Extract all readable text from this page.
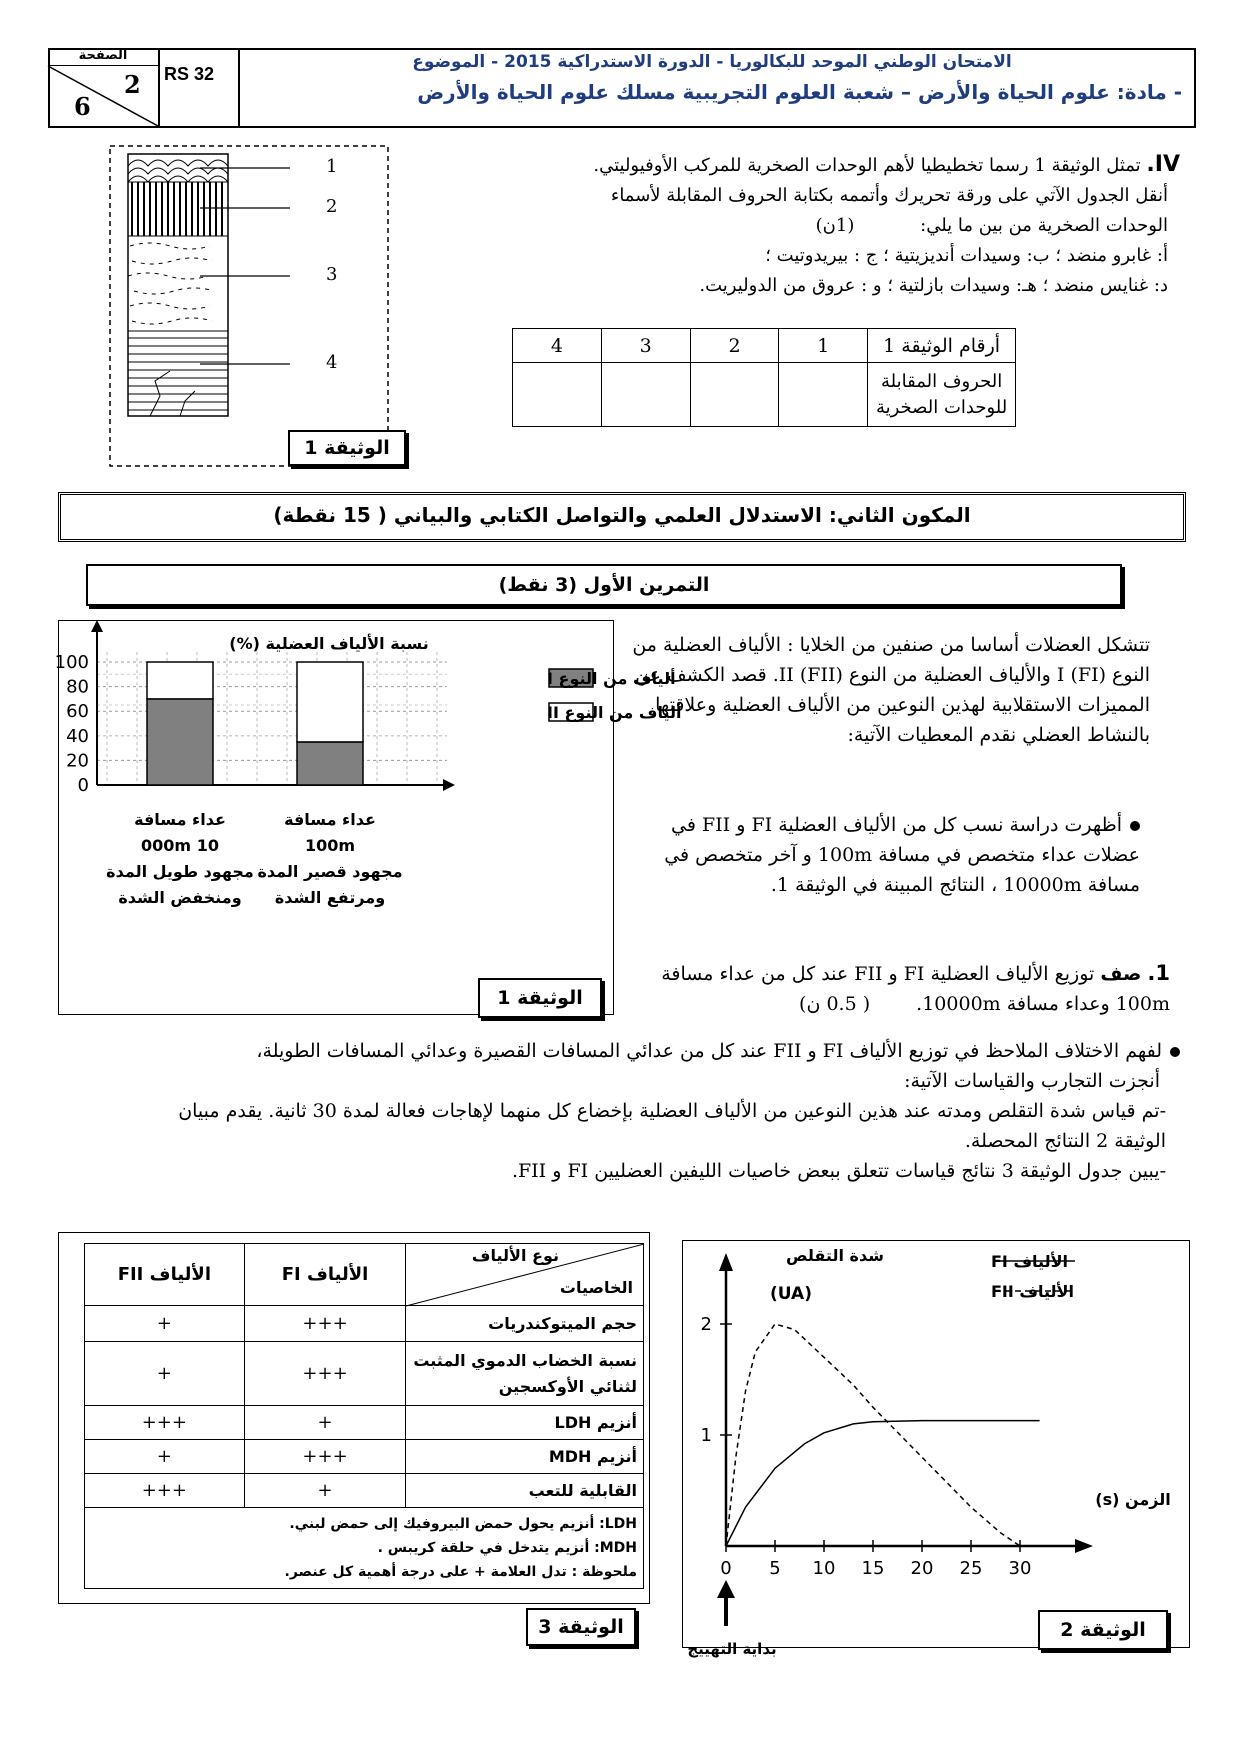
الصفحة
2
6
RS 32
الامتحان الوطني الموحد للبكالوريا - الدورة الاستدراكية 2015 - الموضوع
- مادة: علوم الحياة والأرض – شعبة العلوم التجريبية مسلك علوم الحياة والأرض
1
2
3
4
الوثيقة 1
IV. تمثل الوثيقة 1 رسما تخطيطيا لأهم الوحدات الصخرية للمركب الأوفيوليتي.
أنقل الجدول الآتي على ورقة تحريرك وأتممه بكتابة الحروف المقابلة لأسماء
الوحدات الصخرية من بين ما يلي: (1ن)
أ: غابرو منضد ؛ ب: وسيدات أنديزيتية ؛ ج : بيريدوتيت ؛
د: غنايس منضد ؛ هـ: وسيدات بازلتية ؛ و : عروق من الدوليريت.
أرقام الوثيقة 1	1	2	3	4
الحروف المقابلة للوحدات الصخرية				
المكون الثاني: الاستدلال العلمي والتواصل الكتابي والبياني ( 15 نقطة)
التمرين الأول (3 نقط)
0
20
40
60
80
100
نسبة الألياف العضلية (%)
عداء مسافة
10 000m
مجهود طويل المدة
ومنخفض الشدة
عداء مسافة
100m
مجهود قصير المدة
ومرتفع الشدة
ألياف من النوع I
ألياف من النوع II
الوثيقة 1
تتشكل العضلات أساسا من صنفين من الخلايا : الألياف العضلية من النوع I (FI) والألياف العضلية من النوع II (FII). قصد الكشف عن المميزات الاستقلابية لهذين النوعين من الألياف العضلية وعلاقتها بالنشاط العضلي نقدم المعطيات الآتية:
أظهرت دراسة نسب كل من الألياف العضلية FI و FII في عضلات عداء متخصص في مسافة 100m و آخر متخصص في مسافة 10000m ، النتائج المبينة في الوثيقة 1.
1. صف توزيع الألياف العضلية FI و FII عند كل من عداء مسافة 100m وعداء مسافة 10000m. ( 0.5 ن)
لفهم الاختلاف الملاحظ في توزيع الألياف FI و FII عند كل من عدائي المسافات القصيرة وعدائي المسافات الطويلة،
أنجزت التجارب والقياسات الآتية:
-تم قياس شدة التقلص ومدته عند هذين النوعين من الألياف العضلية بإخضاع كل منهما لإهاجات فعالة لمدة 30 ثانية. يقدم مبيان الوثيقة 2 النتائج المحصلة.
-يبين جدول الوثيقة 3 نتائج قياسات تتعلق ببعض خاصيات الليفين العضليين FI و FII.
نوع الألياف
الخاصيات	الألياف FI	الألياف FII
حجم الميتوكندريات	+++	+
نسبة الخضاب الدموي المثبت لثنائي الأوكسجين	+++	+
أنزيم LDH	+	+++
أنزيم MDH	+++	+
القابلية للتعب	+	+++

LDH: أنزيم يحول حمض البيروفيك إلى حمض لبني.
MDH: أنزيم يتدخل في حلقة كريبس .
ملحوظة : تدل العلامة + على درجة أهمية كل عنصر.		
الوثيقة 3
0 5 10 15 20 25 30
1
2
شدة التقلص
(UA)
الزمن (s)
بداية التهييج
الألياف FI
الألياف FII
الوثيقة 2
